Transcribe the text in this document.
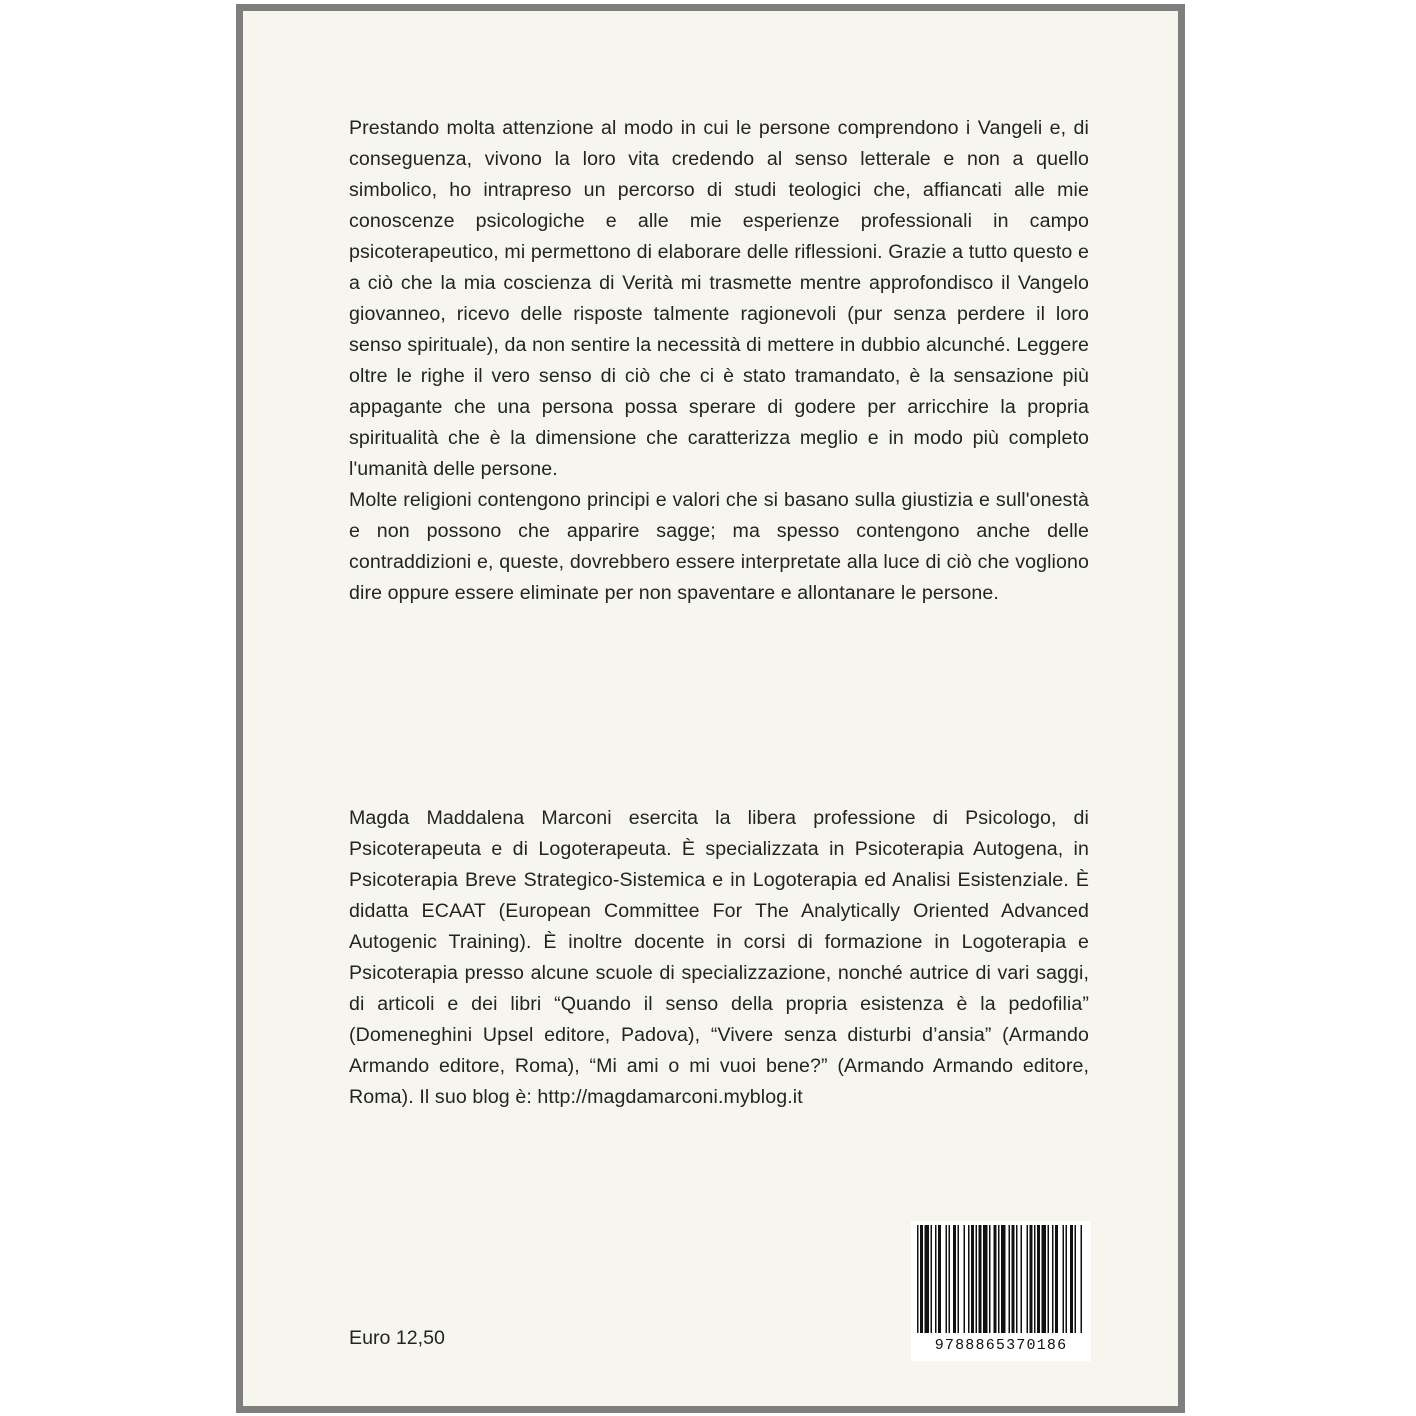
Prestando molta attenzione al modo in cui le persone comprendono i Vangeli e, di conseguenza, vivono la loro vita credendo al senso letterale e non a quello simbolico, ho intrapreso un percorso di studi teologici che, affiancati alle mie conoscenze psicologiche e alle mie esperienze professionali in campo psicoterapeutico, mi permettono di elaborare delle riflessioni. Grazie a tutto questo e a ciò che la mia coscienza di Verità mi trasmette mentre approfondisco il Vangelo giovanneo, ricevo delle risposte talmente ragionevoli (pur senza perdere il loro senso spirituale), da non sentire la necessità di mettere in dubbio alcunché. Leggere oltre le righe il vero senso di ciò che ci è stato tramandato, è la sensazione più appagante che una persona possa sperare di godere per arricchire la propria spiritualità che è la dimensione che caratterizza meglio e in modo più completo l'umanità delle persone.

Molte religioni contengono principi e valori che si basano sulla giustizia e sull'onestà e non possono che apparire sagge; ma spesso contengono anche delle contraddizioni e, queste, dovrebbero essere interpretate alla luce di ciò che vogliono dire oppure essere eliminate per non spaventare e allontanare le persone.

Magda Maddalena Marconi esercita la libera professione di Psicologo, di Psicoterapeuta e di Logoterapeuta. È specializzata in Psicoterapia Autogena, in Psicoterapia Breve Strategico-Sistemica e in Logoterapia ed Analisi Esistenziale. È didatta ECAAT (European Committee For The Analytically Oriented Advanced Autogenic Training). È inoltre docente in corsi di formazione in Logoterapia e Psicoterapia presso alcune scuole di specializzazione, nonché autrice di vari saggi, di articoli e dei libri “Quando il senso della propria esistenza è la pedofilia” (Domeneghini Upsel editore, Padova), “Vivere senza disturbi d’ansia” (Armando Armando editore, Roma), “Mi ami o mi vuoi bene?” (Armando Armando editore, Roma). Il suo blog è: http://magdamarconi.myblog.it

Euro 12,50	9788865370186
